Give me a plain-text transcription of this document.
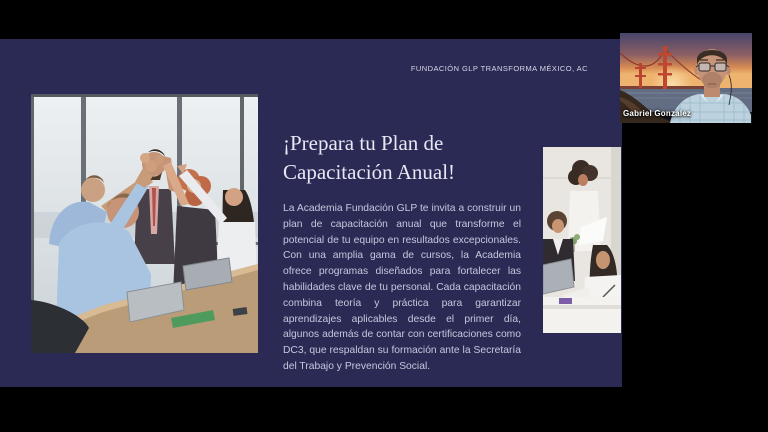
FUNDACIÓN GLP TRANSFORMA MÉXICO, AC
¡Prepara tu Plan de Capacitación Anual!
La Academia Fundación GLP te invita a construir un plan de capacitación anual que transforme el potencial de tu equipo en resultados excepcionales. Con una amplia gama de cursos, la Academia ofrece programas diseñados para fortalecer las habilidades clave de tu personal. Cada capacitación combina teoría y práctica para garantizar aprendizajes aplicables desde el primer día, algunos además de contar con certificaciones como DC3, que respaldan su formación ante la Secretaría del Trabajo y Prevención Social.
Gabriel Gonzalez
